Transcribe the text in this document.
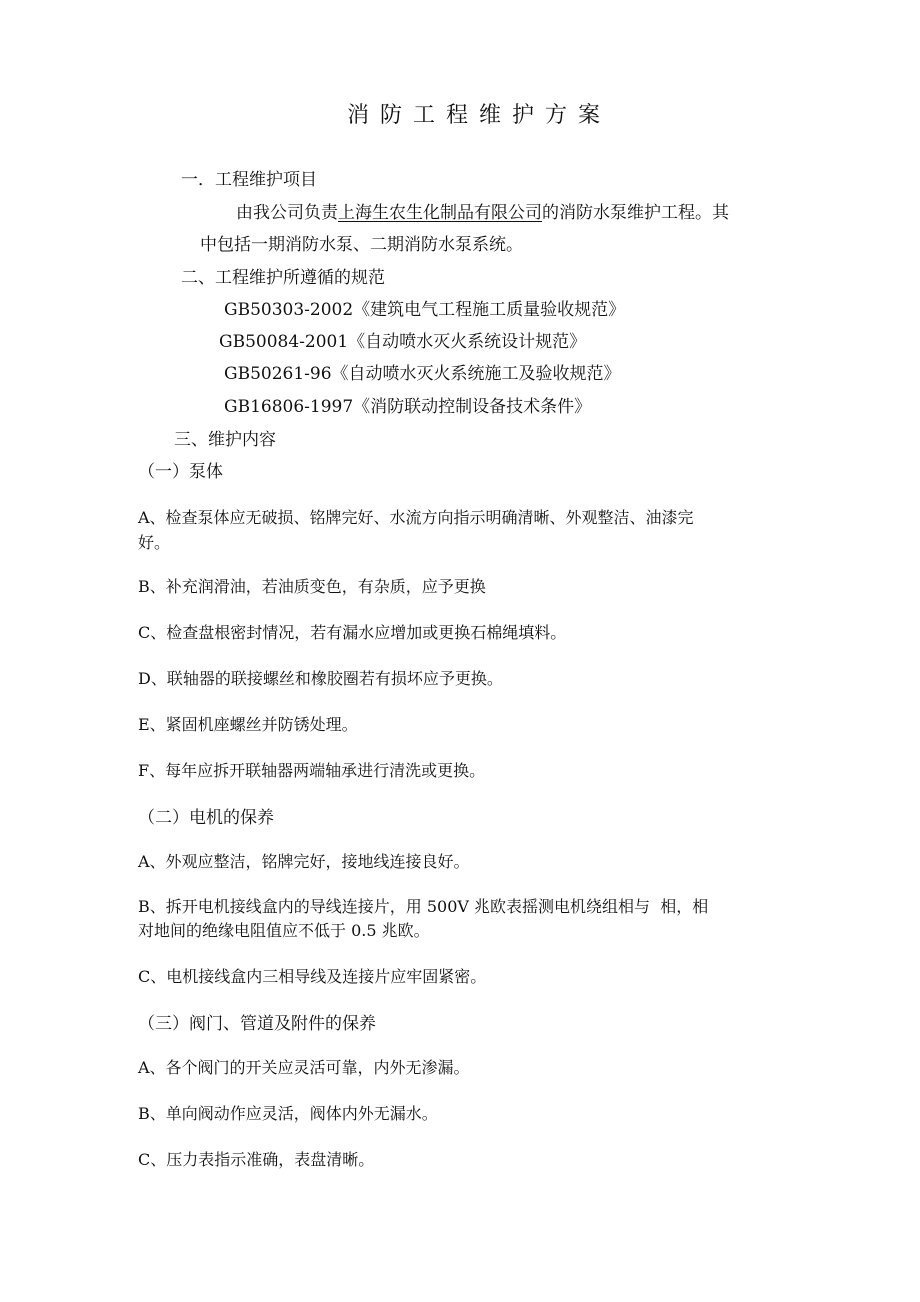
消防工程维护方案
一．工程维护项目
由我公司负责上海生农生化制品有限公司的消防水泵维护工程。其
中包括一期消防水泵、二期消防水泵系统。
二、工程维护所遵循的规范
GB50303-2002《建筑电气工程施工质量验收规范》
GB50084-2001《自动喷水灭火系统设计规范》
GB50261-96《自动喷水灭火系统施工及验收规范》
GB16806-1997《消防联动控制设备技术条件》
三、维护内容
（一）泵体
A、检查泵体应无破损、铭牌完好、水流方向指示明确清晰、外观整洁、油漆完
好。
B、补充润滑油，若油质变色，有杂质，应予更换
C、检查盘根密封情况，若有漏水应增加或更换石棉绳填料。
D、联轴器的联接螺丝和橡胶圈若有损坏应予更换。
E、紧固机座螺丝并防锈处理。
F、每年应拆开联轴器两端轴承进行清洗或更换。
（二）电机的保养
A、外观应整洁，铭牌完好，接地线连接良好。
B、拆开电机接线盒内的导线连接片，用 500V 兆欧表摇测电机绕组相与  相，相
对地间的绝缘电阻值应不低于 0.5 兆欧。
C、电机接线盒内三相导线及连接片应牢固紧密。
（三）阀门、管道及附件的保养
A、各个阀门的开关应灵活可靠，内外无渗漏。
B、单向阀动作应灵活，阀体内外无漏水。
C、压力表指示准确，表盘清晰。
